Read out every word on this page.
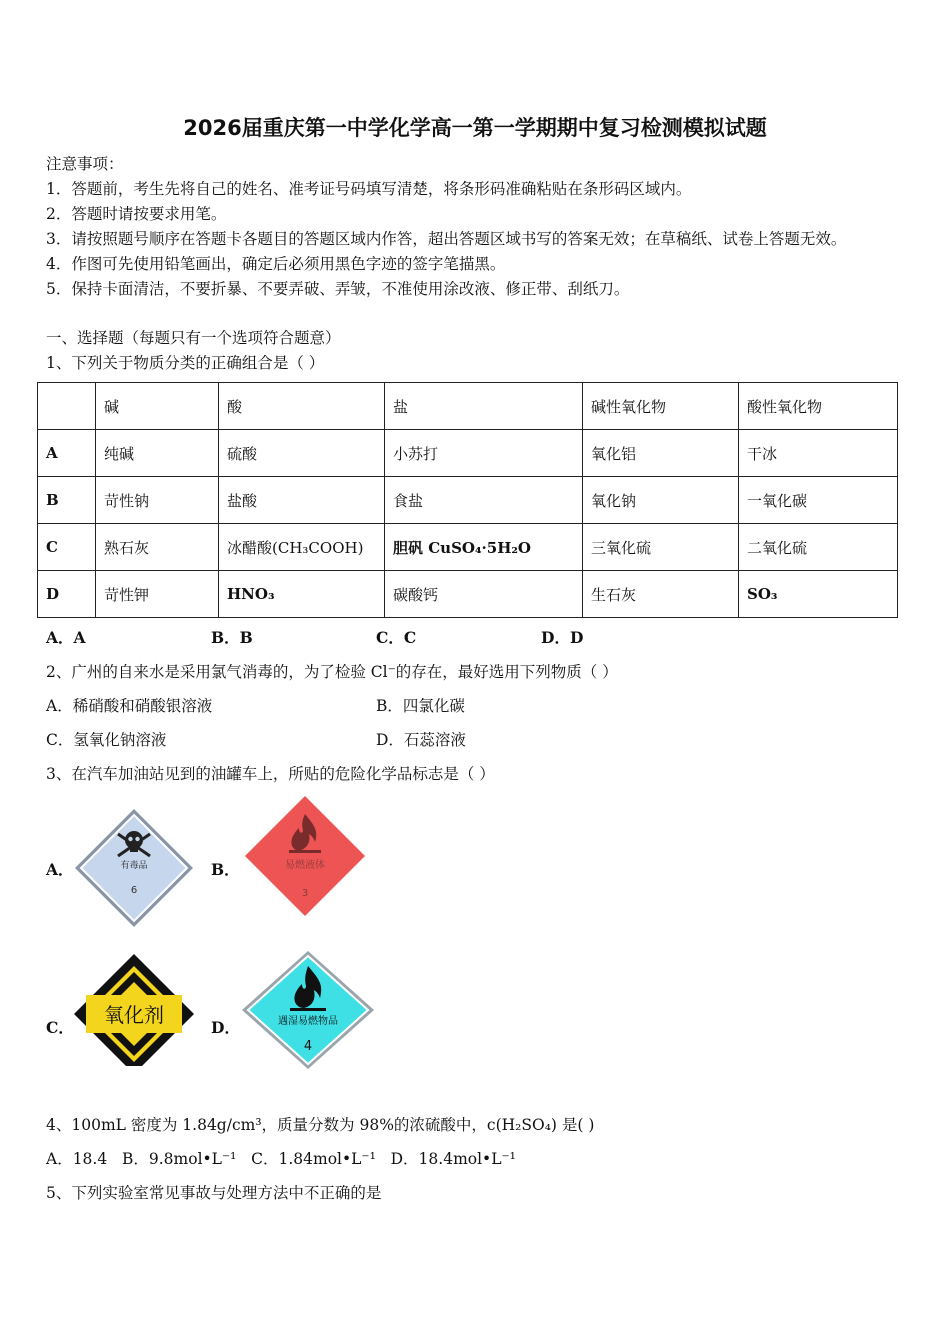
2026届重庆第一中学化学高一第一学期期中复习检测模拟试题
注意事项：
1．答题前，考生先将自己的姓名、准考证号码填写清楚，将条形码准确粘贴在条形码区域内。
2．答题时请按要求用笔。
3．请按照题号顺序在答题卡各题目的答题区域内作答，超出答题区域书写的答案无效；在草稿纸、试卷上答题无效。
4．作图可先使用铅笔画出，确定后必须用黑色字迹的签字笔描黑。
5．保持卡面清洁，不要折暴、不要弄破、弄皱，不准使用涂改液、修正带、刮纸刀。
一、选择题（每题只有一个选项符合题意）
1、下列关于物质分类的正确组合是（ ）
	碱	酸	盐	碱性氧化物	酸性氧化物
A	纯碱	硫酸	小苏打	氧化铝	干冰
B	苛性钠	盐酸	食盐	氧化钠	一氧化碳
C	熟石灰	冰醋酸(CH₃COOH)	胆矾 CuSO₄·5H₂O	三氧化硫	二氧化硫
D	苛性钾	HNO₃	碳酸钙	生石灰	SO₃
A．A	B．B	C．C	D．D
2、广州的自来水是采用氯气消毒的，为了检验 Cl⁻的存在，最好选用下列物质（ ）
A．稀硝酸和硝酸银溶液	B．四氯化碳
C．氢氧化钠溶液	D．石蕊溶液
3、在汽车加油站见到的油罐车上，所贴的危险化学品标志是（ ）
A．	B．
C．	D．
有毒品
6
易燃液体
3
氧化剂	遇湿易燃物品
4
4、100mL 密度为 1.84g/cm³，质量分数为 98%的浓硫酸中，c(H₂SO₄) 是( )
A．18.4 B．9.8mol•L⁻¹ C．1.84mol•L⁻¹ D．18.4mol•L⁻¹
5、下列实验室常见事故与处理方法中不正确的是
